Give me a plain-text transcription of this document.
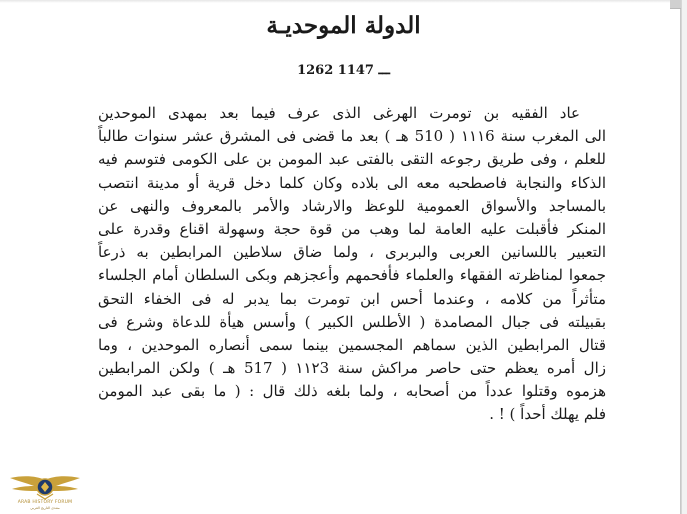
الدولة الموحديـة
1262 ـــ 1147
عاد الفقيه بن تومرت الهرغى الذى عرف فيما بعد بمهدى الموحدين
الى المغرب سنة ١١١6 ( 510 هـ ) بعد ما قضى فى المشرق عشر سنوات طالباً
للعلم ، وفى طريق رجوعه التقى بالفتى عبد المومن بن على الكومى فتوسم فيه
الذكاء والنجابة فاصطحبه معه الى بلاده وكان كلما دخل قرية أو مدينة انتصب
بالمساجد والأسواق العمومية للوعظ والارشاد والأمر بالمعروف والنهى عن
المنكر فأقبلت عليه العامة لما وهب من قوة حجة وسهولة اقناع وقدرة على
التعبير باللسانين العربى والبربرى ، ولما ضاق سلاطين المرابطين به ذرعاً
جمعوا لمناظرته الفقهاء والعلماء فأفحمهم وأعجزهم وبكى السلطان أمام الجلساء
متأثراً من كلامه ، وعندما أحس ابن تومرت بما يدبر له فى الخفاء التحق
بقبيلته فى جبال المصامدة ( الأطلس الكبير ) وأسس هيأة للدعاة وشرع فى
قتال المرابطين الذين سماهم المجسمين بينما سمى أنصاره الموحدين ، وما
زال أمره يعظم حتى حاصر مراكش سنة ١١٢3 ( 517 هـ ) ولكن المرابطين
هزموه وقتلوا عدداً من أصحابه ، ولما بلغه ذلك قال : ( ما بقى عبد المومن
فلم يهلك أحداً ) ! .
ARAB HISTORY FORUM
منتدى التاريخ العربي
